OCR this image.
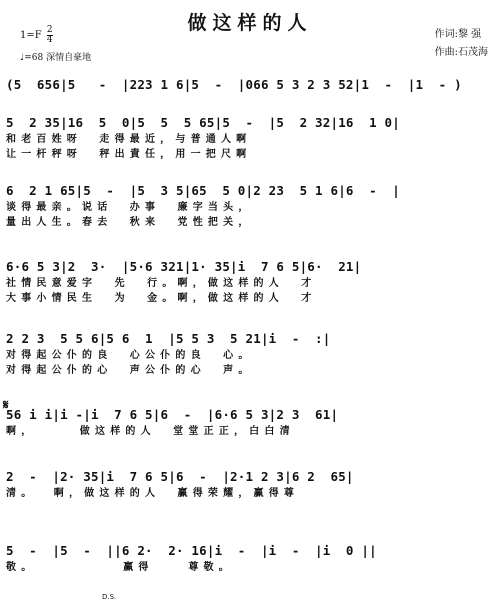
做这样的人
$1=F \frac{2}{4}$
♩=68 深情自豪地
作词:黎 强
作曲:石茂海
(5  656|5   -  |223 1 6|5  -  |066 5 3 2 3 52|1  -  |1  - )
5  2 35|16  5  0|5  5  5 65|5  -  |5  2 32|16  1 0|
和老百姓呀  走得最近，与普通人啊
让一杆秤呀  秤出責任，用一把尺啊
6  2 1 65|5  -  |5  3 5|65  5 0|2 23  5 1 6|6  -  |
谈得最亲。说话  办事  廉字当头，
量出人生。春去  秋来  党性把关，
6·6 5 3|2  3·  |5·6 321|1· 35|i  7 6 5|6·  21|
社情民意爱字  先  行。啊，做这样的人  才
大事小情民生  为  金。啊，做这样的人  才
2 2 3  5 5 6|5 6  1  |5 5 3  5 21|i  -  :|
对得起公仆的良  心公仆的良  心。
对得起公仆的心  声公仆的心  声。
𝄋
56 i i|i -|i  7 6 5|6  -  |6·6 5 3|2 3  61|
啊，     做这样的人  堂堂正正，白白清
2  -  |2· 35|i  7 6 5|6  -  |2·1 2 3|6 2  65|
清。  啊，做这样的人  赢得荣耀，赢得尊
5  -  |5  -  ||6 2·  2· 16|i  -  |i  -  |i  0 ||
敬。          赢得    尊敬。
D.S.
